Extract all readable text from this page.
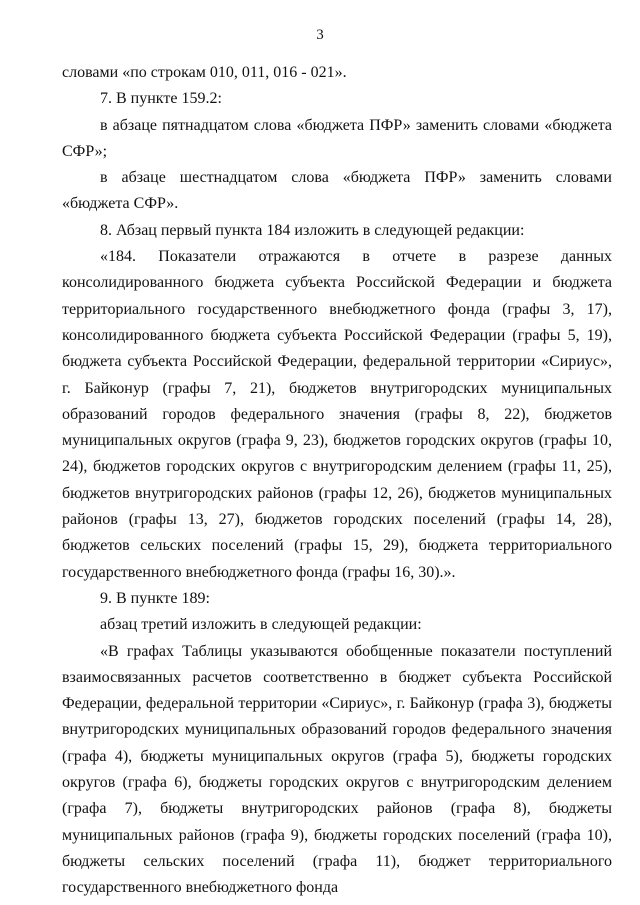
3

словами «по строкам 010, 011, 016 - 021».

7. В пункте 159.2:

в абзаце пятнадцатом слова «бюджета ПФР» заменить словами «бюджета СФР»;

в абзаце шестнадцатом слова «бюджета ПФР» заменить словами «бюджета СФР».

8. Абзац первый пункта 184 изложить в следующей редакции:

«184. Показатели отражаются в отчете в разрезе данных консолидированного бюджета субъекта Российской Федерации и бюджета территориального государственного внебюджетного фонда (графы 3, 17), консолидированного бюджета субъекта Российской Федерации (графы 5, 19), бюджета субъекта Российской Федерации, федеральной территории «Сириус», г. Байконур (графы 7, 21), бюджетов внутригородских муниципальных образований городов федерального значения (графы 8, 22), бюджетов муниципальных округов (графа 9, 23), бюджетов городских округов (графы 10, 24), бюджетов городских округов с внутригородским делением (графы 11, 25), бюджетов внутригородских районов (графы 12, 26), бюджетов муниципальных районов (графы 13, 27), бюджетов городских поселений (графы 14, 28), бюджетов сельских поселений (графы 15, 29), бюджета территориального государственного внебюджетного фонда (графы 16, 30).».

9. В пункте 189:

абзац третий изложить в следующей редакции:

«В графах Таблицы указываются обобщенные показатели поступлений взаимосвязанных расчетов соответственно в бюджет субъекта Российской Федерации, федеральной территории «Сириус», г. Байконур (графа 3), бюджеты внутригородских муниципальных образований городов федерального значения (графа 4), бюджеты муниципальных округов (графа 5), бюджеты городских округов (графа 6), бюджеты городских округов с внутригородским делением (графа 7), бюджеты внутригородских районов (графа 8), бюджеты муниципальных районов (графа 9), бюджеты городских поселений (графа 10), бюджеты сельских поселений (графа 11), бюджет территориального государственного внебюджетного фонда
